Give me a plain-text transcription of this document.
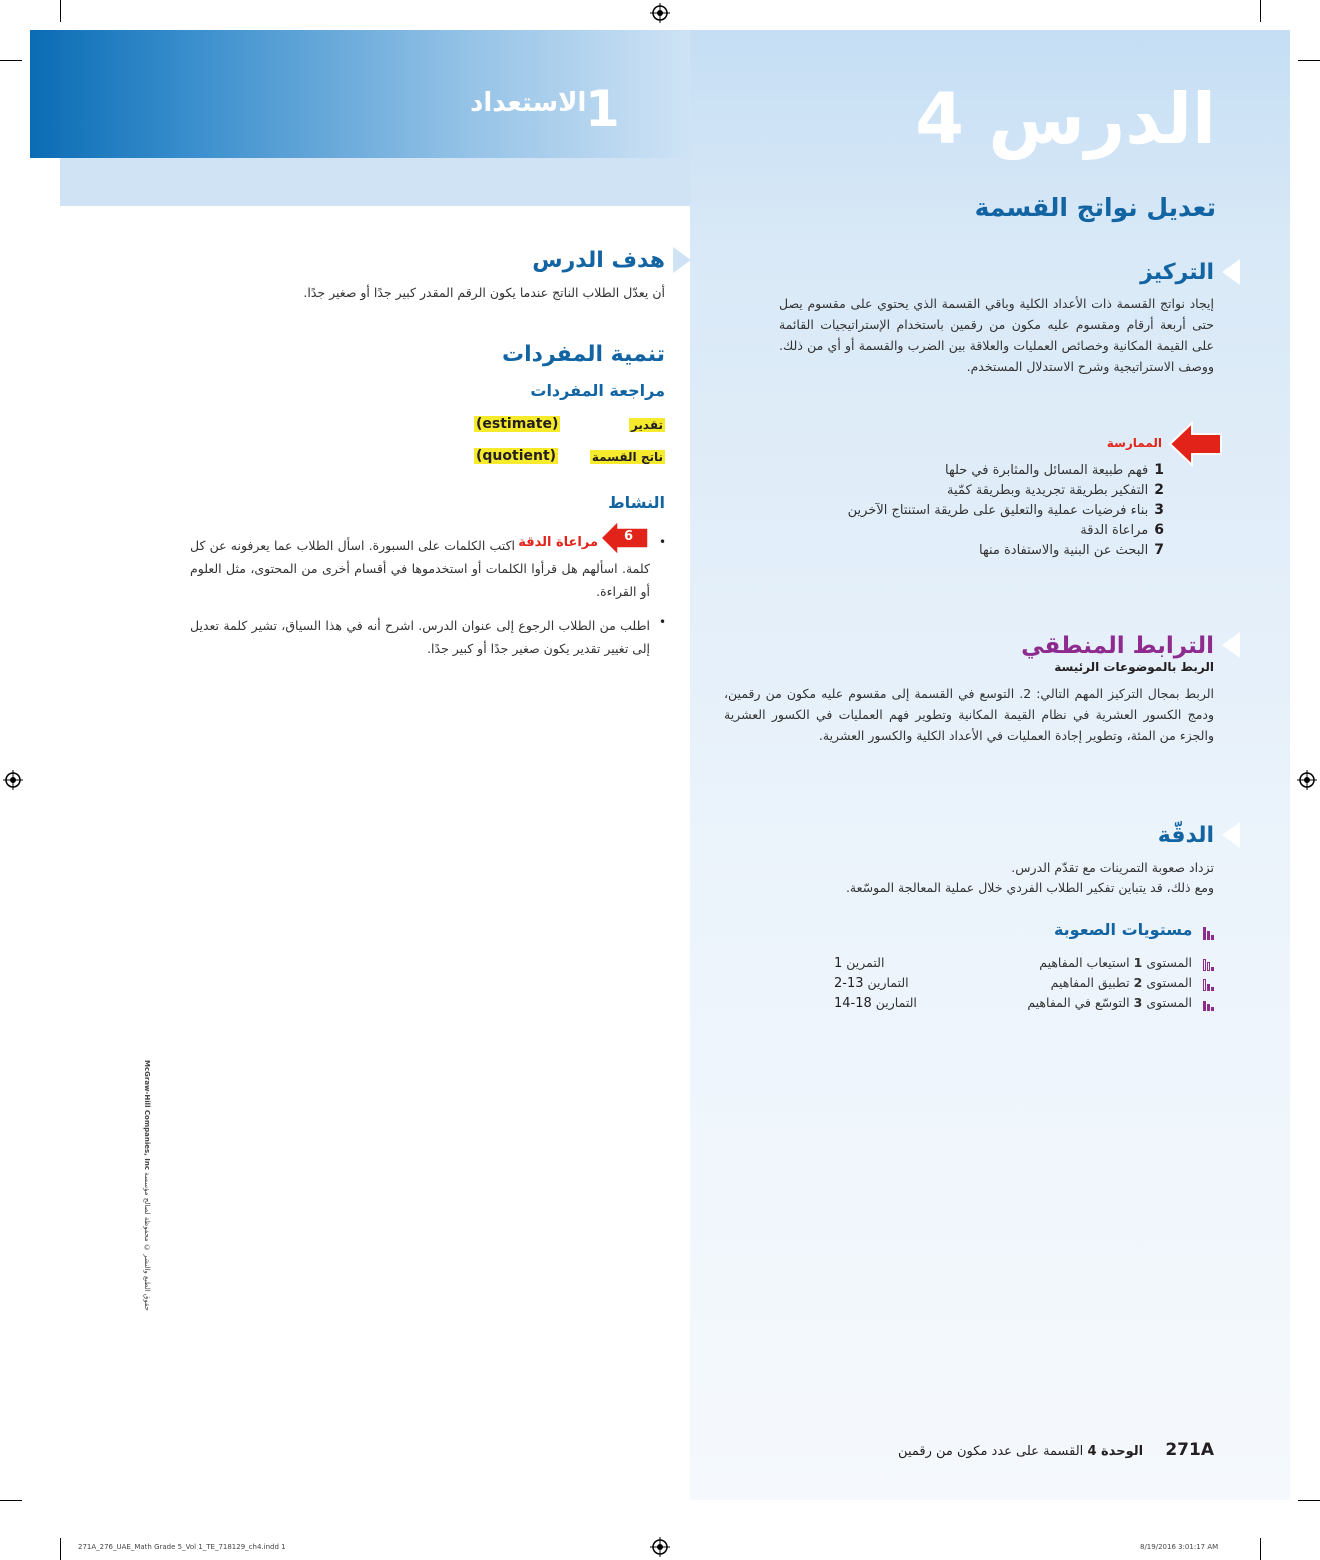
الدرس 4
1
الاستعداد
تعديل نواتج القسمة
التركيز
إيجاد نواتج القسمة ذات الأعداد الكلية وباقي القسمة الذي يحتوي على مقسوم يصل حتى أربعة أرقام ومقسوم عليه مكون من رقمين باستخدام الإستراتيجيات القائمة على القيمة المكانية وخصائص العمليات والعلاقة بين الضرب والقسمة أو أي من ذلك. ووصف الاستراتيجية وشرح الاستدلال المستخدم.
الممارسة
1فهم طبيعة المسائل والمثابرة في حلها
2التفكير بطريقة تجريدية وبطريقة كمّية
3بناء فرضيات عملية والتعليق على طريقة استنتاج الآخرين
6مراعاة الدقة
7البحث عن البنية والاستفادة منها
الترابط المنطقي
الربط بالموضوعات الرئيسة
الربط بمجال التركيز المهم التالي: 2. التوسع في القسمة إلى مقسوم عليه مكون من رقمين، ودمج الكسور العشرية في نظام القيمة المكانية وتطوير فهم العمليات في الكسور العشرية والجزء من المئة، وتطوير إجادة العمليات في الأعداد الكلية والكسور العشرية.
الدقّة
تزداد صعوبة التمرينات مع تقدّم الدرس.
ومع ذلك، قد يتباين تفكير الطلاب الفردي خلال عملية المعالجة الموسّعة.
مستويات الصعوبة
المستوى 1 استيعاب المفاهيم
التمرين 1
المستوى 2 تطبيق المفاهيم
التمارين 13-2
المستوى 3 التوسّع في المفاهيم
التمارين 18-14
هدف الدرس
أن يعدّل الطلاب الناتج عندما يكون الرقم المقدر كبير جدًا أو صغير جدًا.
تنمية المفردات
مراجعة المفردات
تقدير
(estimate)
ناتج القسمة
(quotient)
النشاط
•
6
مراعاة الدقة
اكتب الكلمات على السبورة. اسأل الطلاب عما يعرفونه عن كل كلمة. اسألهم هل قرأوا الكلمات أو استخدموها في أقسام أخرى من المحتوى، مثل العلوم أو القراءة.
•
اطلب من الطلاب الرجوع إلى عنوان الدرس. اشرح أنه في هذا السياق، تشير كلمة تعديل إلى تغيير تقدير يكون صغير جدًا أو كبير جدًا.
McGraw-Hill Companies, Inc حقوق الطبع والنشر © محفوظة لصالح مؤسسة
271A  الوحدة 4 القسمة على عدد مكون من رقمين
271A_276_UAE_Math Grade 5_Vol 1_TE_718129_ch4.indd 1	8/19/2016 3:01:17 AM
